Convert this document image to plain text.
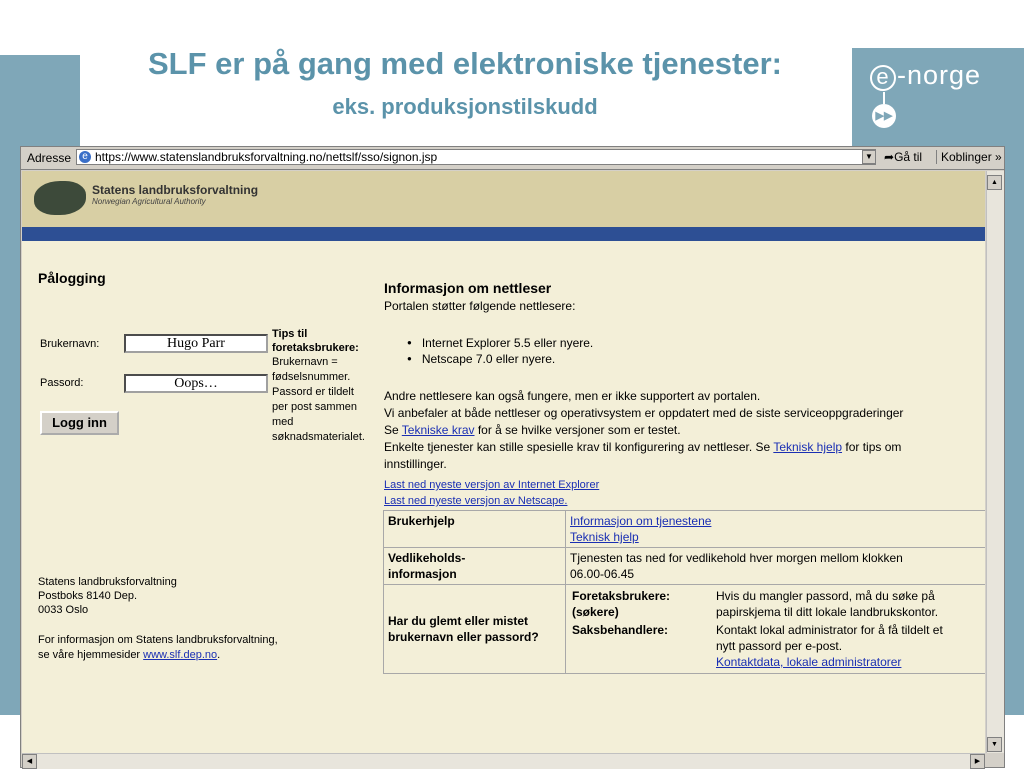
SLF er på gang med elektroniske tjenester:
eks. produksjonstilskudd
e -norge
▶▶
Adresse	e https://www.statenslandbruksforvaltning.no/nettslf/sso/signon.jsp	▼ ➦Gå til	Koblinger »
Statens landbruksforvaltning
Norwegian Agricultural Authority
Pålogging
Brukernavn:	Hugo Parr
Passord:	Oops…
Logg inn
Tips til
foretaksbrukere:
Brukernavn =
fødselsnummer.
Passord er tildelt
per post sammen
med
søknadsmaterialet.
Statens landbruksforvaltning
Postboks 8140 Dep.
0033 Oslo
For informasjon om Statens landbruksforvaltning,
se våre hjemmesider www.slf.dep.no.
Informasjon om nettleser
Portalen støtter følgende nettlesere:
● Internet Explorer 5.5 eller nyere.
● Netscape 7.0 eller nyere.
Andre nettlesere kan også fungere, men er ikke supportert av portalen.
Vi anbefaler at både nettleser og operativsystem er oppdatert med de siste serviceoppgraderinger
Se Tekniske krav for å se hvilke versjoner som er testet.
Enkelte tjenester kan stille spesielle krav til konfigurering av nettleser. Se Teknisk hjelp for tips om
innstillinger.
Last ned nyeste versjon av Internet Explorer
Last ned nyeste versjon av Netscape.
Brukerhjelp	Informasjon om tjenestene
Teknisk hjelp
Vedlikeholds-
informasjon	Tjenesten tas ned for vedlikehold hver morgen mellom klokken
06.00-06.45
Har du glemt eller mistet
brukernavn eller passord?	
Foretaksbrukere:
(søkere)	Hvis du mangler passord, må du søke på
papirskjema til ditt lokale landbrukskontor.
Saksbehandlere:	Kontakt lokal administrator for å få tildelt et
nytt passord per e-post.
Kontaktdata, lokale administratorer
▲
▼
◀	▶
